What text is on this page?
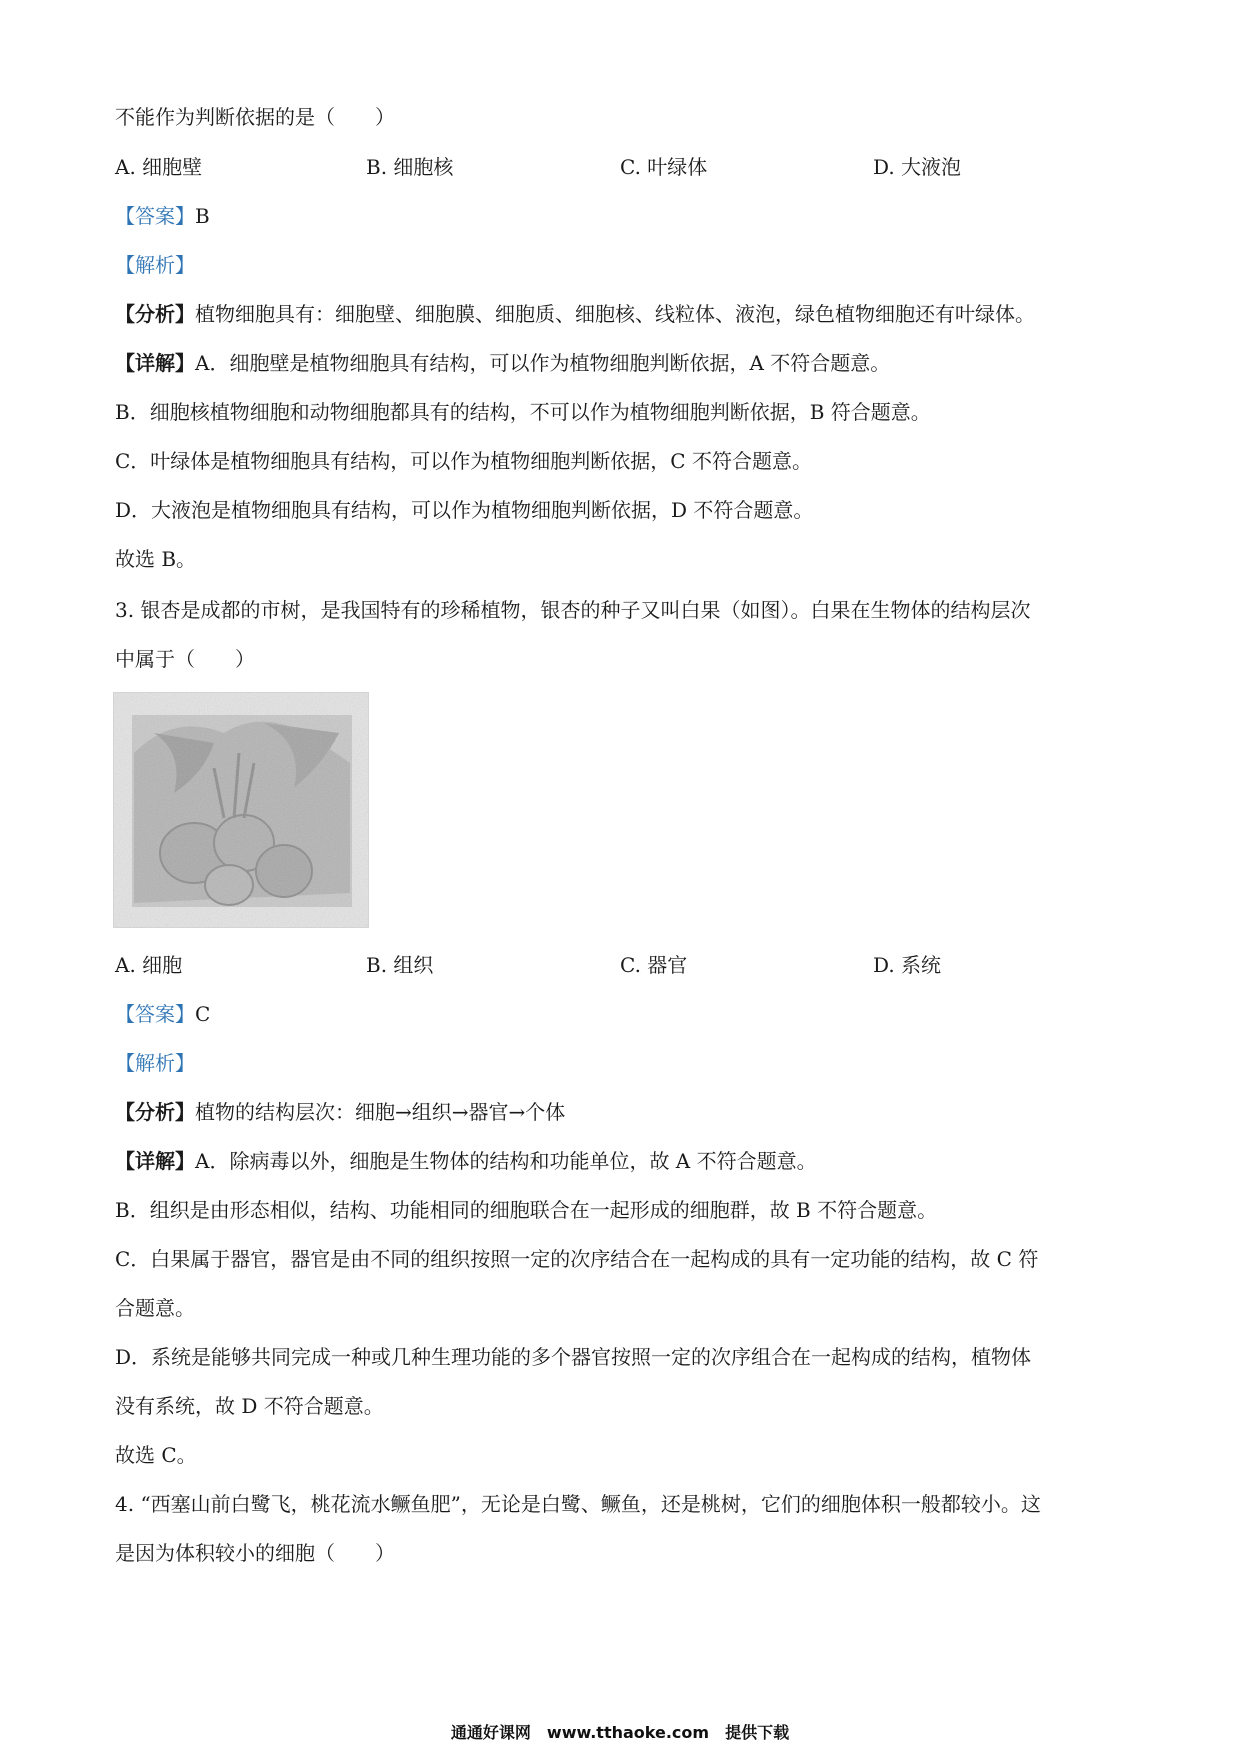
不能作为判断依据的是（　　）
A. 细胞壁	B. 细胞核	C. 叶绿体	D. 大液泡
【答案】B
【解析】
【分析】植物细胞具有：细胞壁、细胞膜、细胞质、细胞核、线粒体、液泡，绿色植物细胞还有叶绿体。
【详解】A．细胞壁是植物细胞具有结构，可以作为植物细胞判断依据，A 不符合题意。
B．细胞核植物细胞和动物细胞都具有的结构，不可以作为植物细胞判断依据，B 符合题意。
C．叶绿体是植物细胞具有结构，可以作为植物细胞判断依据，C 不符合题意。
D．大液泡是植物细胞具有结构，可以作为植物细胞判断依据，D 不符合题意。
故选 B。
3. 银杏是成都的市树，是我国特有的珍稀植物，银杏的种子又叫白果（如图）。白果在生物体的结构层次
中属于（　　）
A. 细胞	B. 组织	C. 器官	D. 系统
【答案】C
【解析】
【分析】植物的结构层次：细胞→组织→器官→个体
【详解】A．除病毒以外，细胞是生物体的结构和功能单位，故 A 不符合题意。
B．组织是由形态相似，结构、功能相同的细胞联合在一起形成的细胞群，故 B 不符合题意。
C．白果属于器官，器官是由不同的组织按照一定的次序结合在一起构成的具有一定功能的结构，故 C 符
合题意。
D．系统是能够共同完成一种或几种生理功能的多个器官按照一定的次序组合在一起构成的结构，植物体
没有系统，故 D 不符合题意。
故选 C。
4. “西塞山前白鹭飞，桃花流水鳜鱼肥”，无论是白鹭、鳜鱼，还是桃树，它们的细胞体积一般都较小。这
是因为体积较小的细胞（　　）
通通好课网　www.tthaoke.com　提供下载
